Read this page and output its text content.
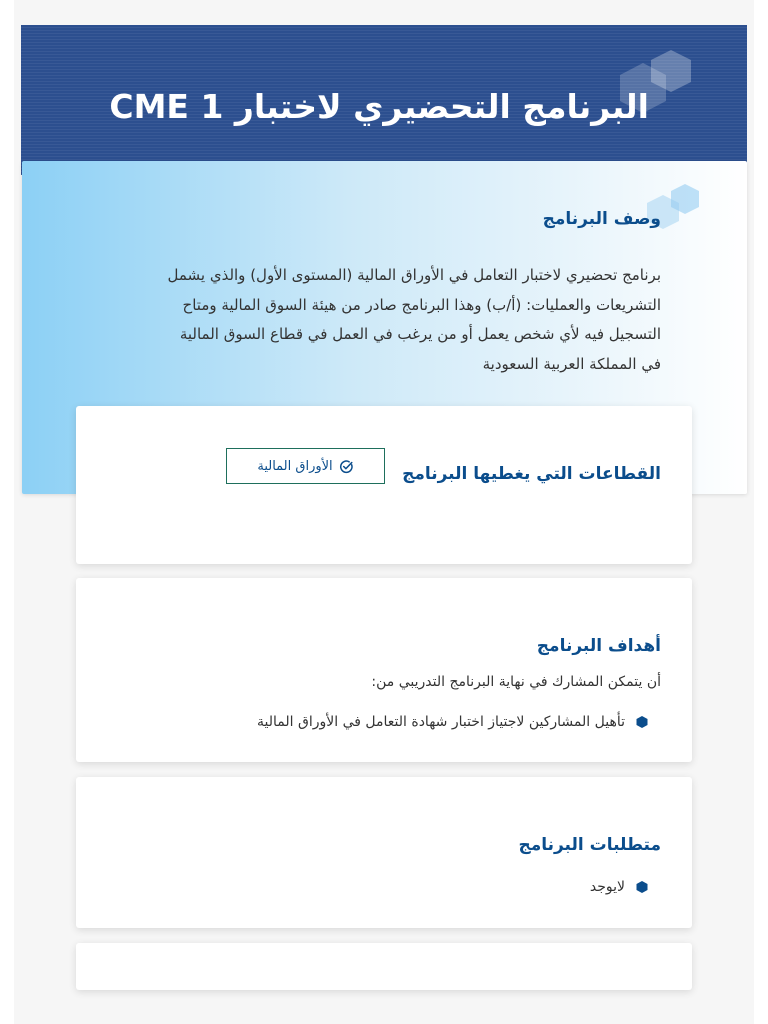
البرنامج التحضيري لاختبار CME 1
وصف البرنامج
برنامج تحضيري لاختبار التعامل في الأوراق المالية (المستوى الأول) والذي يشمل
التشريعات والعمليات: (أ/ب) وهذا البرنامج صادر من هيئة السوق المالية ومتاح
التسجيل فيه لأي شخص يعمل أو من يرغب في العمل في قطاع السوق المالية
في المملكة العربية السعودية
القطاعات التي يغطيها البرنامج
الأوراق المالية
أهداف البرنامج
أن يتمكن المشارك في نهاية البرنامج التدريبي من:
تأهيل المشاركين لاجتياز اختبار شهادة التعامل في الأوراق المالية
متطلبات البرنامج
لايوجد
